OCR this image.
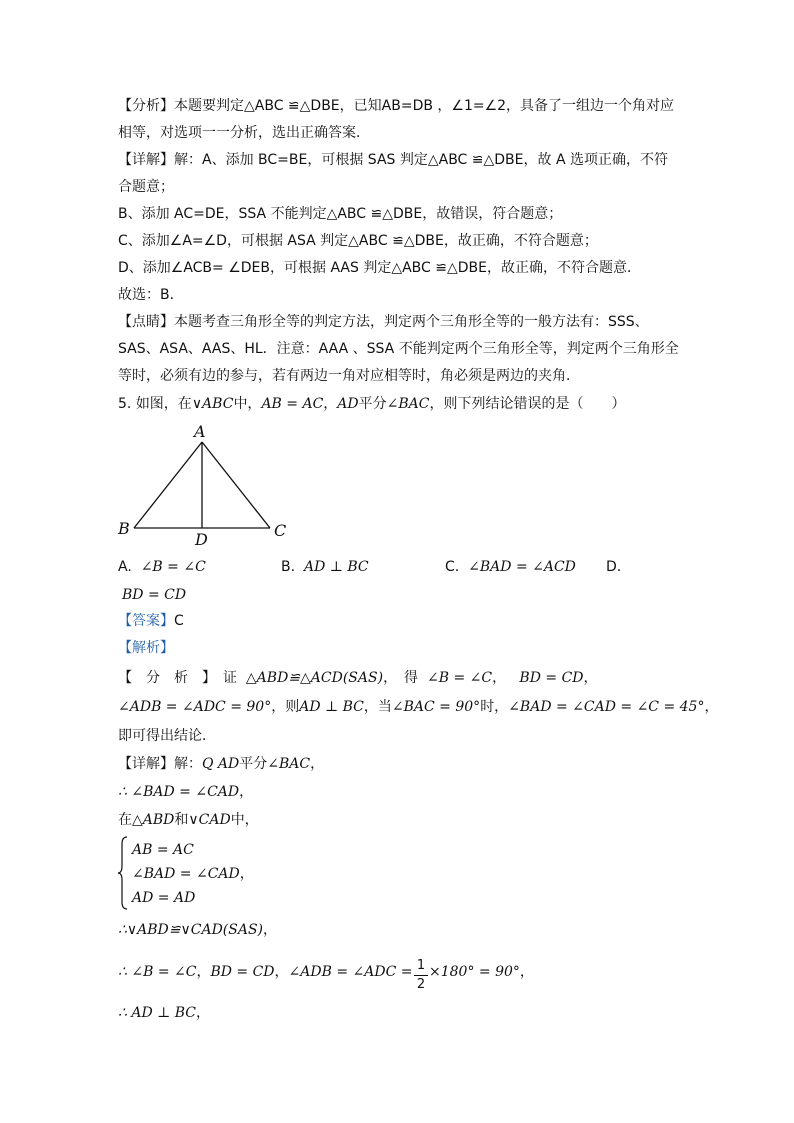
【分析】本题要判定△ABC ≌△DBE，已知AB=DB ，∠1=∠2，具备了一组边一个角对应
相等，对选项一一分析，选出正确答案．
【详解】解：A、添加 BC=BE，可根据 SAS 判定△ABC ≌△DBE，故 A 选项正确，不符
合题意；
B、添加 AC=DE，SSA 不能判定△ABC ≌△DBE，故错误，符合题意；
C、添加∠A=∠D，可根据 ASA 判定△ABC ≌△DBE，故正确，不符合题意；
D、添加∠ACB= ∠DEB，可根据 AAS 判定△ABC ≌△DBE，故正确，不符合题意．
故选：B．
【点睛】本题考查三角形全等的判定方法，判定两个三角形全等的一般方法有：SSS、
SAS、ASA、AAS、HL．注意：AAA 、SSA 不能判定两个三角形全等，判定两个三角形全
等时，必须有边的参与，若有两边一角对应相等时，角必须是两边的夹角．
5. 如图，在∨ABC中，AB = AC，AD平分∠BAC，则下列结论错误的是（　　）
A
B	C
D
A. ∠B = ∠C	B. AD ⊥ BC	C. ∠BAD = ∠ACD D.
BD = CD
【答案】C
【解析】
【　分　析　】　证 △ABD≌△ACD(SAS)，　得 ∠B = ∠C， BD = CD，
∠ADB = ∠ADC = 90°，则AD ⊥ BC，当∠BAC = 90°时，∠BAD = ∠CAD = ∠C = 45°，
即可得出结论．
【详解】解：Q AD平分∠BAC，
∴ ∠BAD = ∠CAD，
在△ABD和∨CAD中，
AB = AC
∠BAD = ∠CAD，
AD = AD
∴∨ABD≌∨CAD(SAS)，
∴ ∠B = ∠C，BD = CD，∠ADB = ∠ADC = 1
2
×180° = 90°，
∴ AD ⊥ BC，
